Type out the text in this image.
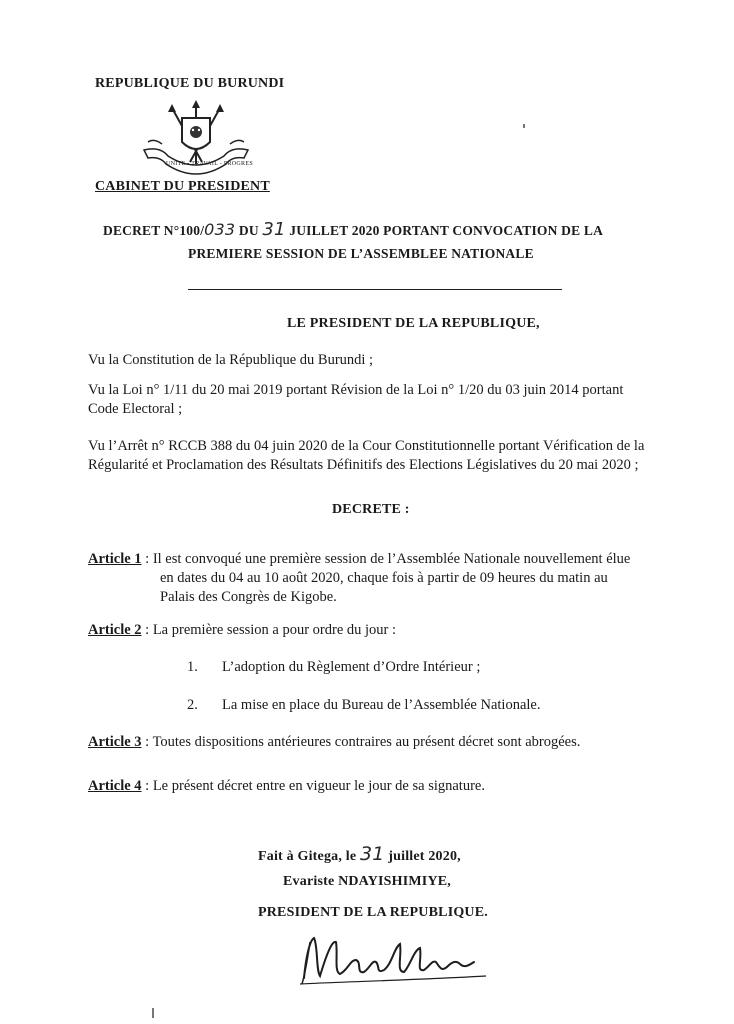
REPUBLIQUE DU BURUNDI
UNITE - TRAVAIL - PROGRES
CABINET DU PRESIDENT
DECRET N°100/033 DU 31 JUILLET 2020 PORTANT CONVOCATION DE LA
PREMIERE SESSION DE L’ASSEMBLEE NATIONALE
LE PRESIDENT DE LA REPUBLIQUE,
Vu la Constitution de la République du Burundi ;
Vu la Loi n° 1/11 du 20 mai 2019 portant Révision de la Loi n° 1/20 du 03 juin 2014 portant
Code Electoral ;
Vu l’Arrêt n° RCCB 388 du 04 juin 2020 de la Cour Constitutionnelle portant Vérification de la
Régularité et Proclamation des Résultats Définitifs des Elections Législatives du 20 mai 2020 ;
DECRETE :
Article 1 : Il est convoqué une première session de l’Assemblée Nationale nouvellement élue
en dates du 04 au 10 août 2020, chaque fois à partir de 09 heures du matin au
Palais des Congrès de Kigobe.
Article 2 : La première session a pour ordre du jour :
1. L’adoption du Règlement d’Ordre Intérieur ;
2. La mise en place du Bureau de l’Assemblée Nationale.
Article 3 : Toutes dispositions antérieures contraires au présent décret sont abrogées.
Article 4 : Le présent décret entre en vigueur le jour de sa signature.
Fait à Gitega, le 31 juillet 2020,
Evariste NDAYISHIMIYE,
PRESIDENT DE LA REPUBLIQUE.
